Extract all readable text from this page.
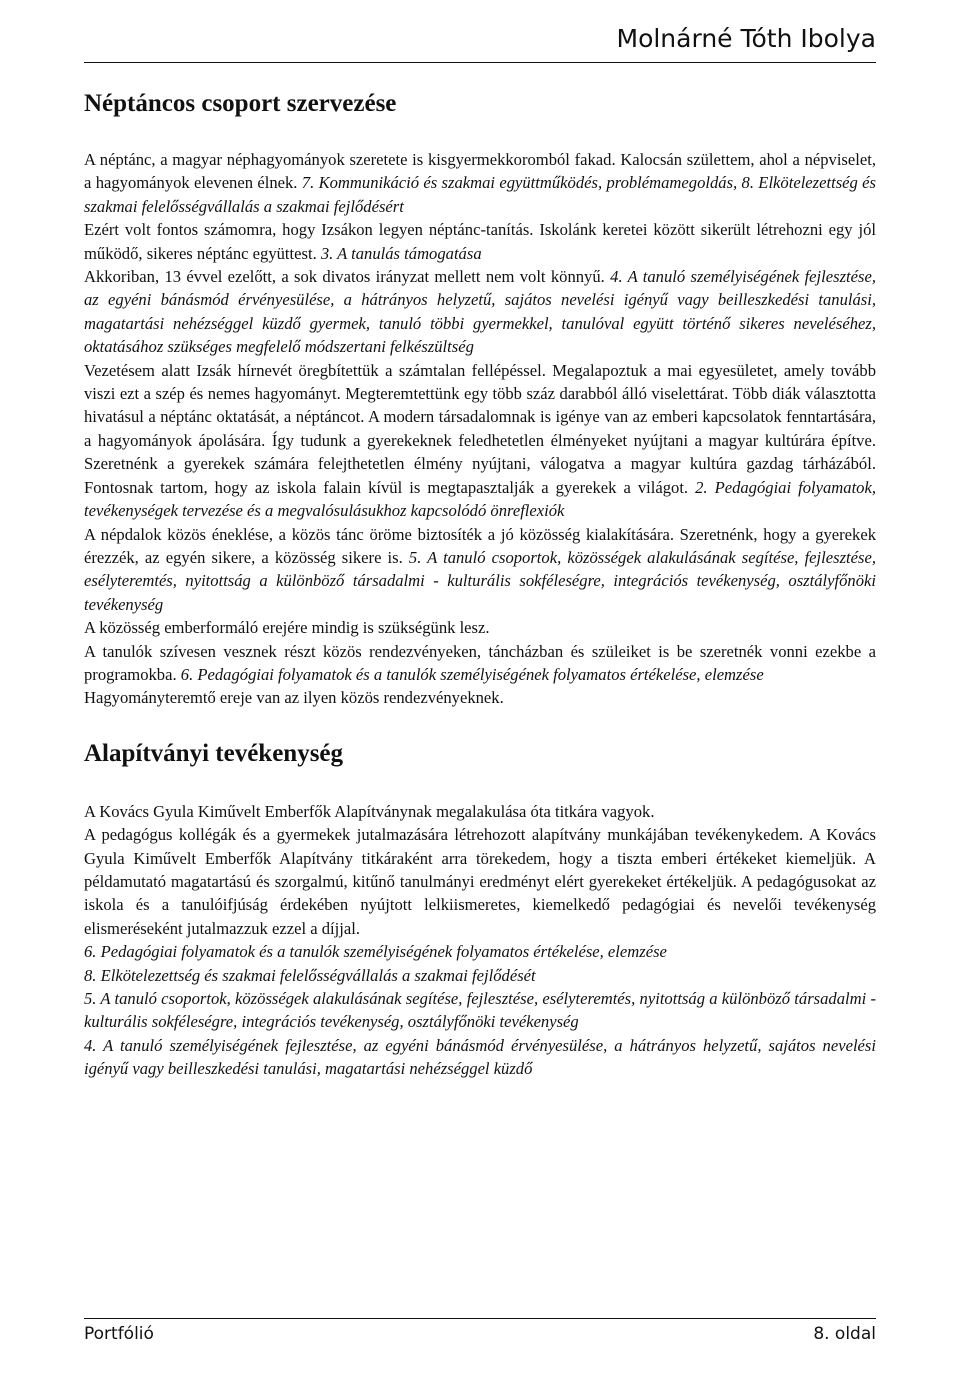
Molnárné Tóth Ibolya
Néptáncos csoport szervezése

A néptánc, a magyar néphagyományok szeretete is kisgyermekkoromból fakad. Kalocsán születtem, ahol a népviselet, a hagyományok elevenen élnek. 7. Kommunikáció és szakmai együttműködés, problémamegoldás, 8. Elkötelezettség és szakmai felelősségvállalás a szakmai fejlődésért

Ezért volt fontos számomra, hogy Izsákon legyen néptánc-tanítás. Iskolánk keretei között sikerült létrehozni egy jól működő, sikeres néptánc együttest. 3. A tanulás támogatása

Akkoriban, 13 évvel ezelőtt, a sok divatos irányzat mellett nem volt könnyű. 4. A tanuló személyiségének fejlesztése, az egyéni bánásmód érvényesülése, a hátrányos helyzetű, sajátos nevelési igényű vagy beilleszkedési tanulási, magatartási nehézséggel küzdő gyermek, tanuló többi gyermekkel, tanulóval együtt történő sikeres neveléséhez, oktatásához szükséges megfelelő módszertani felkészültség

Vezetésem alatt Izsák hírnevét öregbítettük a számtalan fellépéssel. Megalapoztuk a mai egyesületet, amely tovább viszi ezt a szép és nemes hagyományt. Megteremtettünk egy több száz darabból álló viselettárat. Több diák választotta hivatásul a néptánc oktatását, a néptáncot. A modern társadalomnak is igénye van az emberi kapcsolatok fenntartására, a hagyományok ápolására. Így tudunk a gyerekeknek feledhetetlen élményeket nyújtani a magyar kultúrára építve. Szeretnénk a gyerekek számára felejthetetlen élmény nyújtani, válogatva a magyar kultúra gazdag tárházából. Fontosnak tartom, hogy az iskola falain kívül is megtapasztalják a gyerekek a világot. 2. Pedagógiai folyamatok, tevékenységek tervezése és a megvalósulásukhoz kapcsolódó önreflexiók

A népdalok közös éneklése, a közös tánc öröme biztosíték a jó közösség kialakítására. Szeretnénk, hogy a gyerekek érezzék, az egyén sikere, a közösség sikere is. 5. A tanuló csoportok, közösségek alakulásának segítése, fejlesztése, esélyteremtés, nyitottság a különböző társadalmi - kulturális sokféleségre, integrációs tevékenység, osztályfőnöki tevékenység

A közösség emberformáló erejére mindig is szükségünk lesz.

A tanulók szívesen vesznek részt közös rendezvényeken, táncházban és szüleiket is be szeretnék vonni ezekbe a programokba. 6. Pedagógiai folyamatok és a tanulók személyiségének folyamatos értékelése, elemzése

Hagyományteremtő ereje van az ilyen közös rendezvényeknek.

Alapítványi tevékenység

A Kovács Gyula Kiművelt Emberfők Alapítványnak megalakulása óta titkára vagyok.

A pedagógus kollégák és a gyermekek jutalmazására létrehozott alapítvány munkájában tevékenykedem. A Kovács Gyula Kiművelt Emberfők Alapítvány titkáraként arra törekedem, hogy a tiszta emberi értékeket kiemeljük. A példamutató magatartású és szorgalmú, kitűnő tanulmányi eredményt elért gyerekeket értékeljük. A pedagógusokat az iskola és a tanulóifjúság érdekében nyújtott lelkiismeretes, kiemelkedő pedagógiai és nevelői tevékenység elismeréseként jutalmazzuk ezzel a díjjal.

6. Pedagógiai folyamatok és a tanulók személyiségének folyamatos értékelése, elemzése

8. Elkötelezettség és szakmai felelősségvállalás a szakmai fejlődését

5. A tanuló csoportok, közösségek alakulásának segítése, fejlesztése, esélyteremtés, nyitottság a különböző társadalmi - kulturális sokféleségre, integrációs tevékenység, osztályfőnöki tevékenység

4. A tanuló személyiségének fejlesztése, az egyéni bánásmód érvényesülése, a hátrányos helyzetű, sajátos nevelési igényű vagy beilleszkedési tanulási, magatartási nehézséggel küzdő

Portfólió	8. oldal
